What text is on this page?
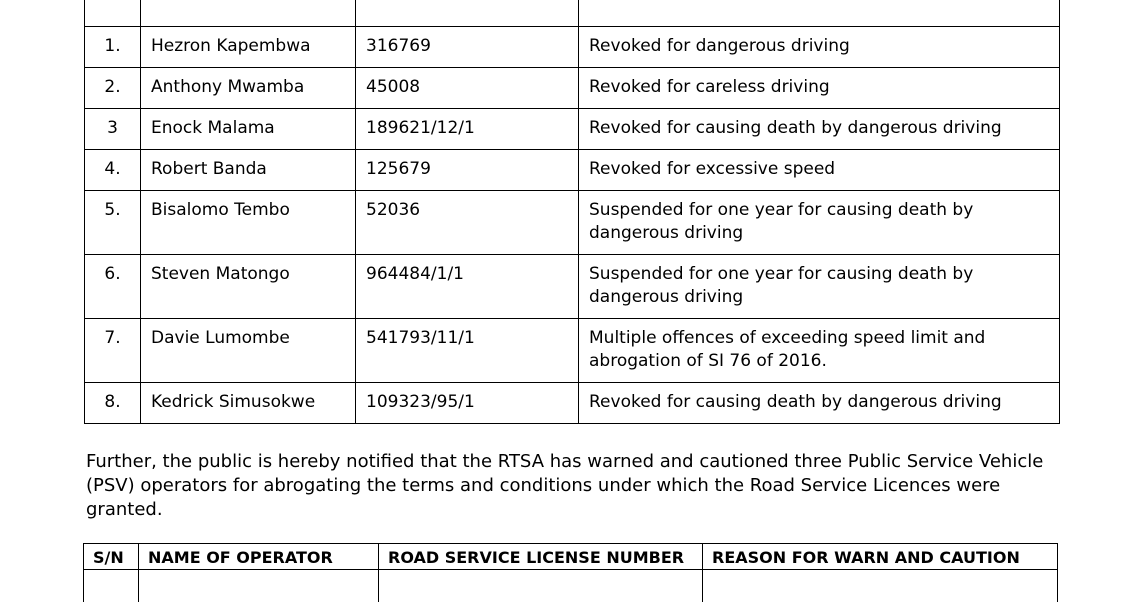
1.	Hezron Kapembwa	316769	Revoked for dangerous driving

2.	Anthony Mwamba	45008	Revoked for careless driving

3	Enock Malama	189621/12/1	Revoked for causing death by dangerous driving

4.	Robert Banda	125679	Revoked for excessive speed

5.	Bisalomo Tembo	52036	Suspended for one year for causing death by dangerous driving

6.	Steven Matongo	964484/1/1	Suspended for one year for causing death by dangerous driving

7.	Davie Lumombe	541793/11/1	Multiple offences of exceeding speed limit and abrogation of SI 76 of 2016.

8.	Kedrick Simusokwe	109323/95/1	Revoked for causing death by dangerous driving

Further, the public is hereby notified that the RTSA has warned and cautioned three Public Service Vehicle (PSV) operators for abrogating the terms and conditions under which the Road Service Licences were granted.

S/N	NAME OF OPERATOR	ROAD SERVICE LICENSE NUMBER	REASON FOR WARN AND CAUTION
